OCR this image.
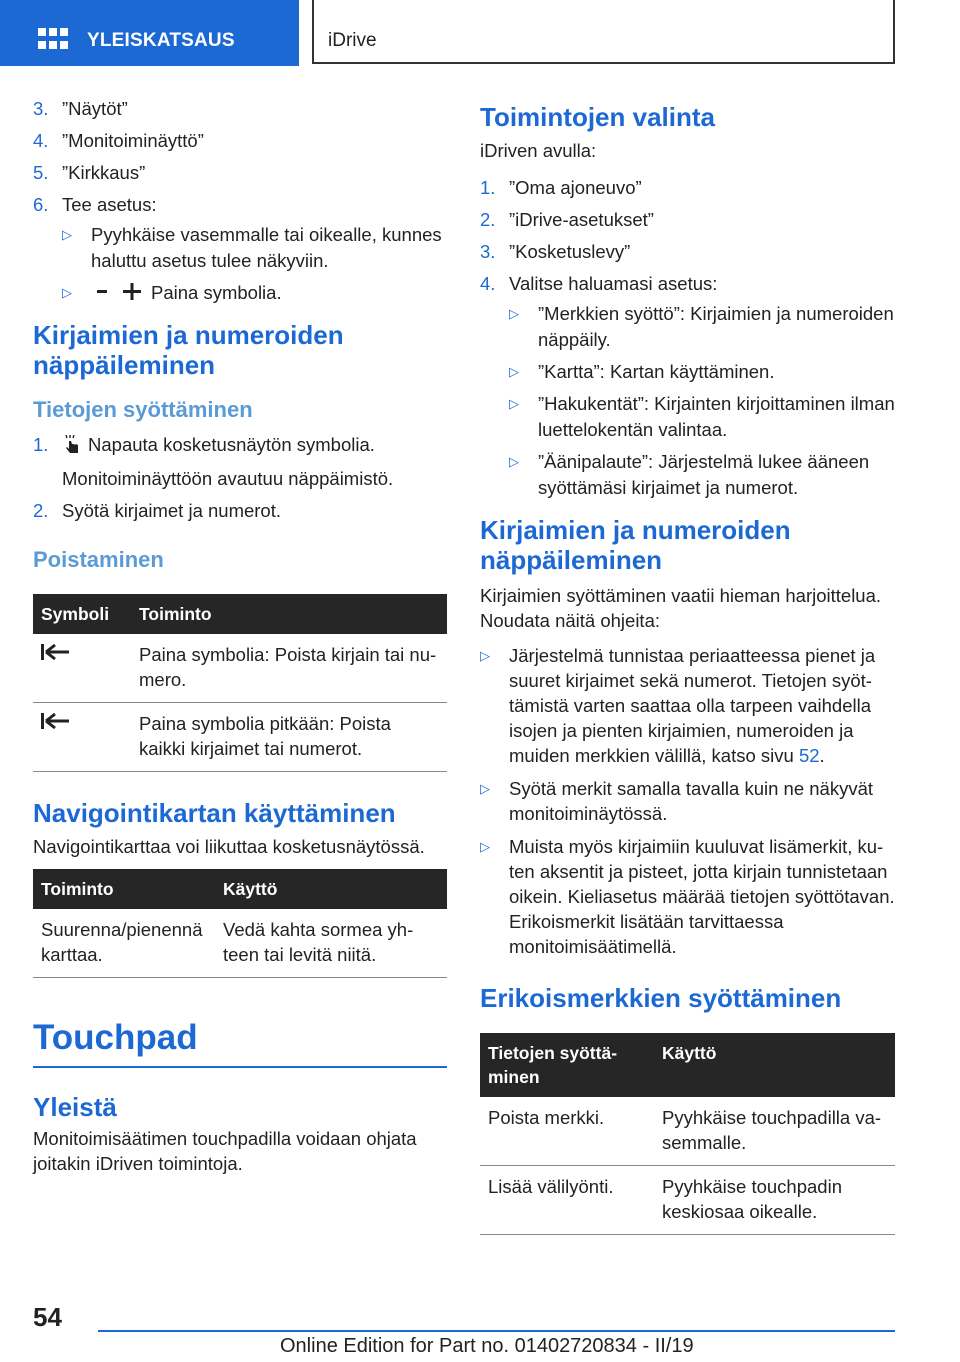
YLEISKATSAUS	iDrive
3. ”Näytöt”
4. ”Monitoiminäyttö”
5. ”Kirkkaus”
6. Tee asetus:
▷ Pyyhkäise vasemmalle tai oikealle, kunnes haluttu asetus tulee näkyviin.
▷	Paina symbolia.
Kirjaimien ja numeroiden näppäileminen
Tietojen syöttäminen
1. Napauta kosketusnäytön symbolia.
Monitoiminäyttöön avautuu näppäimistö.
2. Syötä kirjaimet ja numerot.
Poistaminen
Symboli	Toiminto
	Paina symbolia: Poista kirjain tai numero.
	Paina symbolia pitkään: Poista kaikki kirjaimet tai numerot.
Navigointikartan käyttäminen

Navigointikarttaa voi liikuttaa kosketusnäytössä.

Toiminto	Käyttö
Suurenna/pienennä karttaa.	Vedä kahta sormea yhteen tai levitä niitä.
Touchpad
Yleistä

Monitoimisäätimen touchpadilla voidaan ohjata joitakin iDriven toimintoja.

Toimintojen valinta

iDriven avulla:

1. ”Oma ajoneuvo”
2. ”iDrive-asetukset”
3. ”Kosketuslevy”
4. Valitse haluamasi asetus:
▷ ”Merkkien syöttö”: Kirjaimien ja numeroiden näppäily.
▷ ”Kartta”: Kartan käyttäminen.
▷ ”Hakukentät”: Kirjainten kirjoittaminen ilman luettelokentän valintaa.
▷ ”Äänipalaute”: Järjestelmä lukee ääneen syöttämäsi kirjaimet ja numerot.
Kirjaimien ja numeroiden näppäileminen

Kirjaimien syöttäminen vaatii hieman harjoittelua. Noudata näitä ohjeita:

▷ Järjestelmä tunnistaa periaatteessa pienet ja suuret kirjaimet sekä numerot. Tietojen syöttämistä varten saattaa olla tarpeen vaihdella isojen ja pienten kirjaimien, numeroiden ja muiden merkkien välillä, katso sivu 52.
▷ Syötä merkit samalla tavalla kuin ne näkyvät monitoiminäytössä.
▷ Muista myös kirjaimiin kuuluvat lisämerkit, kuten aksentit ja pisteet, jotta kirjain tunnistetaan oikein. Kieliasetus määrää tietojen syöttötavan. Erikoismerkit lisätään tarvittaessa monitoimisäätimellä.
Erikoismerkkien syöttäminen
Tietojen syöttäminen	Käyttö
Poista merkki.	Pyyhkäise touchpadilla vasemmalle.
Lisää välilyönti.	Pyyhkäise touchpadin keskiosaa oikealle.
54
Online Edition for Part no. 01402720834 - II/19
